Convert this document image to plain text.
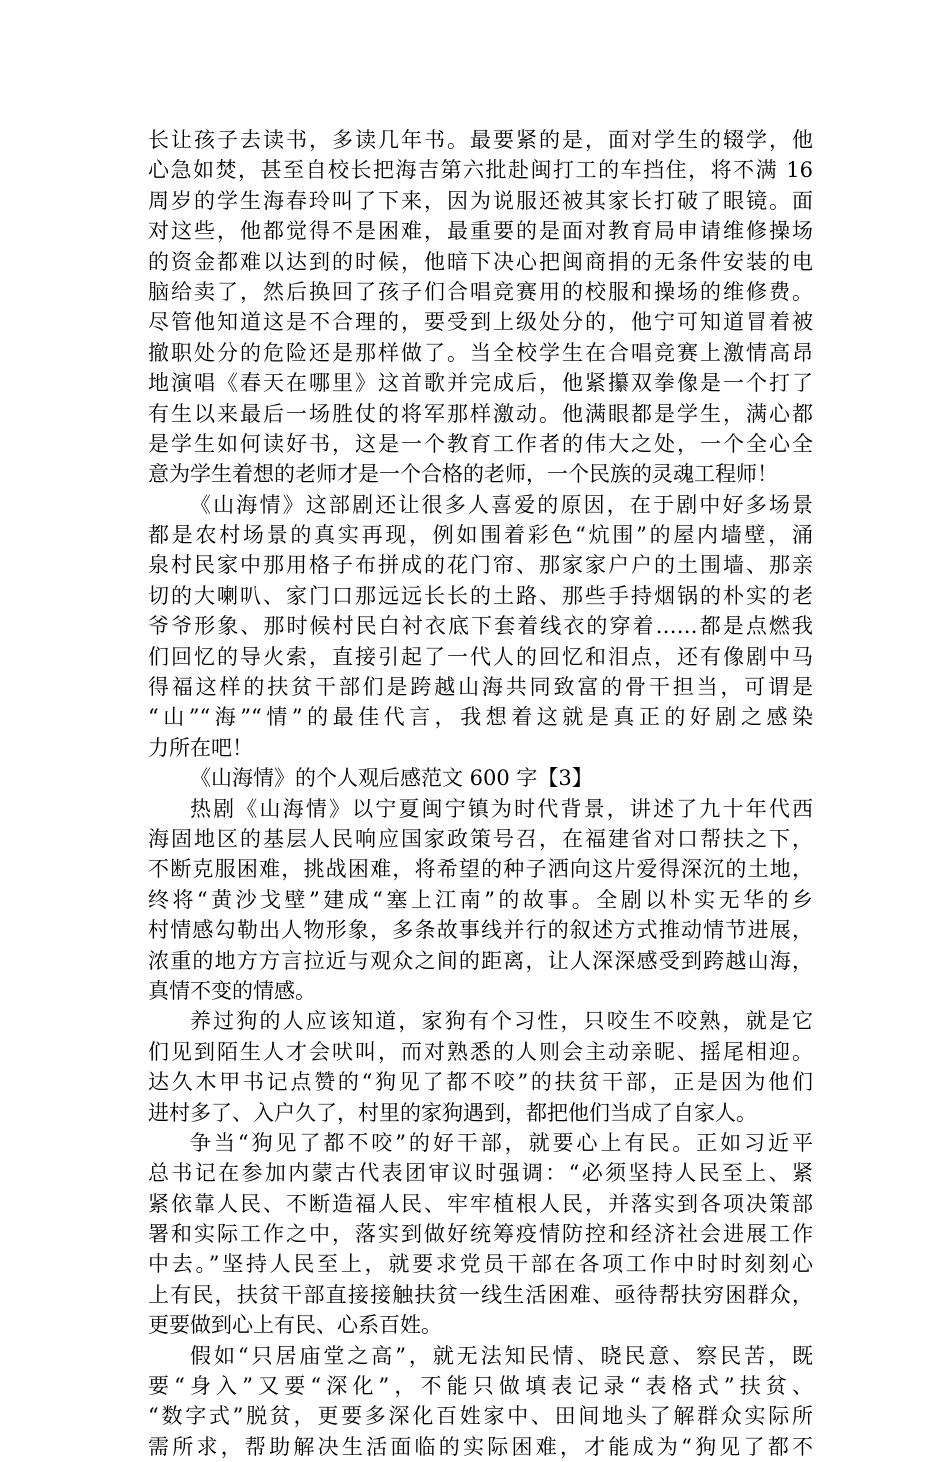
长让孩子去读书，多读几年书。最要紧的是，面对学生的辍学，他
心急如焚，甚至自校长把海吉第六批赴闽打工的车挡住，将不满 16
周岁的学生海春玲叫了下来，因为说服还被其家长打破了眼镜。面
对这些，他都觉得不是困难，最重要的是面对教育局申请维修操场
的资金都难以达到的时候，他暗下决心把闽商捐的无条件安装的电
脑给卖了，然后换回了孩子们合唱竞赛用的校服和操场的维修费。
尽管他知道这是不合理的，要受到上级处分的，他宁可知道冒着被
撤职处分的危险还是那样做了。当全校学生在合唱竞赛上激情高昂
地演唱《春天在哪里》这首歌并完成后，他紧攥双拳像是一个打了
有生以来最后一场胜仗的将军那样激动。他满眼都是学生，满心都
是学生如何读好书，这是一个教育工作者的伟大之处，一个全心全
意为学生着想的老师才是一个合格的老师，一个民族的灵魂工程师！
《山海情》这部剧还让很多人喜爱的原因，在于剧中好多场景
都是农村场景的真实再现，例如围着彩色“炕围”的屋内墙壁，涌
泉村民家中那用格子布拼成的花门帘、那家家户户的土围墙、那亲
切的大喇叭、家门口那远远长长的土路、那些手持烟锅的朴实的老
爷爷形象、那时候村民白衬衣底下套着线衣的穿着……都是点燃我
们回忆的导火索，直接引起了一代人的回忆和泪点，还有像剧中马
得福这样的扶贫干部们是跨越山海共同致富的骨干担当，可谓是
“山”“海”“情”的最佳代言，我想着这就是真正的好剧之感染
力所在吧！
《山海情》的个人观后感范文 600 字【3】
热剧《山海情》以宁夏闽宁镇为时代背景，讲述了九十年代西
海固地区的基层人民响应国家政策号召，在福建省对口帮扶之下，
不断克服困难，挑战困难，将希望的种子洒向这片爱得深沉的土地，
终将“黄沙戈壁”建成“塞上江南”的故事。全剧以朴实无华的乡
村情感勾勒出人物形象，多条故事线并行的叙述方式推动情节进展，
浓重的地方方言拉近与观众之间的距离，让人深深感受到跨越山海，
真情不变的情感。
养过狗的人应该知道，家狗有个习性，只咬生不咬熟，就是它
们见到陌生人才会吠叫，而对熟悉的人则会主动亲昵、摇尾相迎。
达久木甲书记点赞的“狗见了都不咬”的扶贫干部，正是因为他们
进村多了、入户久了，村里的家狗遇到，都把他们当成了自家人。
争当“狗见了都不咬”的好干部，就要心上有民。正如习近平
总书记在参加内蒙古代表团审议时强调：“必须坚持人民至上、紧
紧依靠人民、不断造福人民、牢牢植根人民，并落实到各项决策部
署和实际工作之中，落实到做好统筹疫情防控和经济社会进展工作
中去。”坚持人民至上，就要求党员干部在各项工作中时时刻刻心
上有民，扶贫干部直接接触扶贫一线生活困难、亟待帮扶穷困群众，
更要做到心上有民、心系百姓。
假如“只居庙堂之高”，就无法知民情、晓民意、察民苦，既
要“身入”又要“深化”，不能只做填表记录“表格式”扶贫、
“数字式”脱贫，更要多深化百姓家中、田间地头了解群众实际所
需所求，帮助解决生活面临的实际困难，才能成为“狗见了都不
